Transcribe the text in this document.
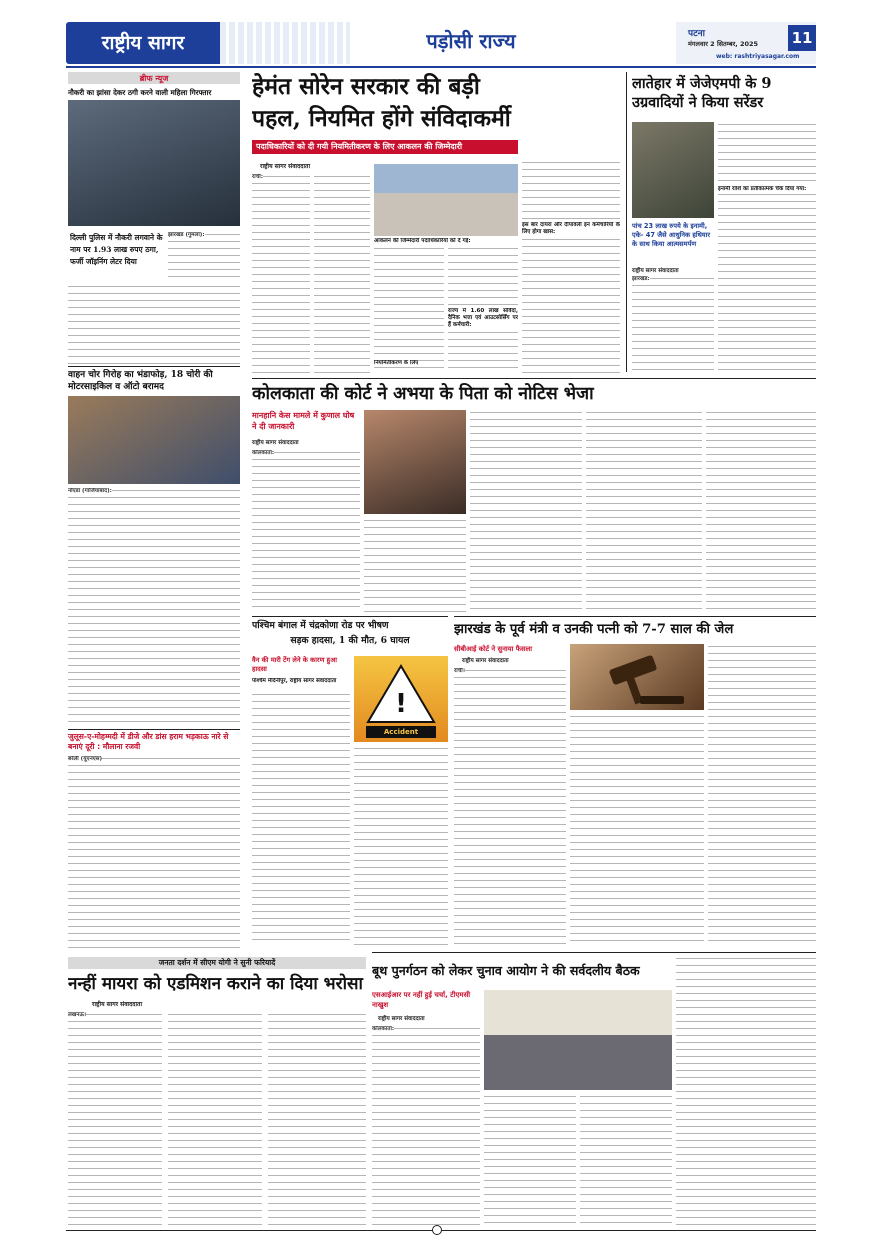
राष्ट्रीय सागर	पड़ोसी राज्य	पटना
मंगलवार 2 सितम्बर, 2025 11
web: rashtriyasagar.com
ब्रीफ न्यूज
नौकरी का झांसा देकर ठगी करने वाली महिला गिरफ्तार
दिल्ली पुलिस में नौकरी लगवाने के नाम पर 1.93 लाख रुपए ठगा, फर्जी जॉइनिंग लेटर दिया
झारखंड (गुमला):
वाहन चोर गिरोह का भंडाफोड़, 18 चोरी की मोटरसाइकिल व ऑटो बरामद
नोएडा (गाजियाबाद):
जुलूस-ए-मोहम्मदी में डीजे और डांस हराम भड़काऊ नारे से बनाएं दूरी : मौलाना रजवी
बरेली (यूएनएस)
जनता दर्शन में सीएम योगी ने सुनी फरियादें
नन्हीं मायरा को एडमिशन कराने का दिया भरोसा
राष्ट्रीय सागर संवाददाता
लखनऊ।
हेमंत सोरेन सरकार की बड़ी
पहल, नियमित होंगे संविदाकर्मी
पदाधिकारियों को दी गयी नियमितीकरण के लिए आकलन की जिम्मेदारी
राष्ट्रीय सागर संवाददाता
रांची:
आकलन की जिम्मेदारी पदाधिकारियों को दे गई:
नियमितीकरण के लिए
राज्य में 1.60 लाख संविदा, दैनिक भत्ता एवं आउटसोर्सिंग पर हैं कर्मचारी:
इस बार दायरा और दीपावली इन कर्मचारियों के लिए होगा खास:
लातेहार में जेजेएमपी के 9 उग्रवादियों ने किया सरेंडर
इनामी राशि का प्रतीकात्मक चेक दिया गया:
पांच 23 लाख रुपये के इनामी, एके- 47 जैसे आधुनिक हथियार के साथ किया आत्मसमर्पण
राष्ट्रीय सागर संवाददाता
झारखंड:
कोलकाता की कोर्ट ने अभया के पिता को नोटिस भेजा
मानहानि केस मामले में कुणाल घोष ने दी जानकारी
राष्ट्रीय सागर संवाददाता
कोलकाता:
पश्चिम बंगाल में चंद्रकोणा रोड पर भीषण
सड़क हादसा, 1 की मौत, 6 घायल
वैन की मारी टेंग लेने के कारण हुआ हादसा
पश्चिम मेदिनीपुर, राष्ट्रीय सागर संवाददाता
!
Accident
झारखंड के पूर्व मंत्री व उनकी पत्नी को 7-7 साल की जेल
सीबीआई कोर्ट ने सुनाया फैसला
राष्ट्रीय सागर संवाददाता
रांची।
बूथ पुनर्गठन को लेकर चुनाव आयोग ने की सर्वदलीय बैठक
एसआईआर पर नहीं हुई चर्चा, टीएमसी नाखुश
राष्ट्रीय सागर संवाददाता
कोलकाता:
